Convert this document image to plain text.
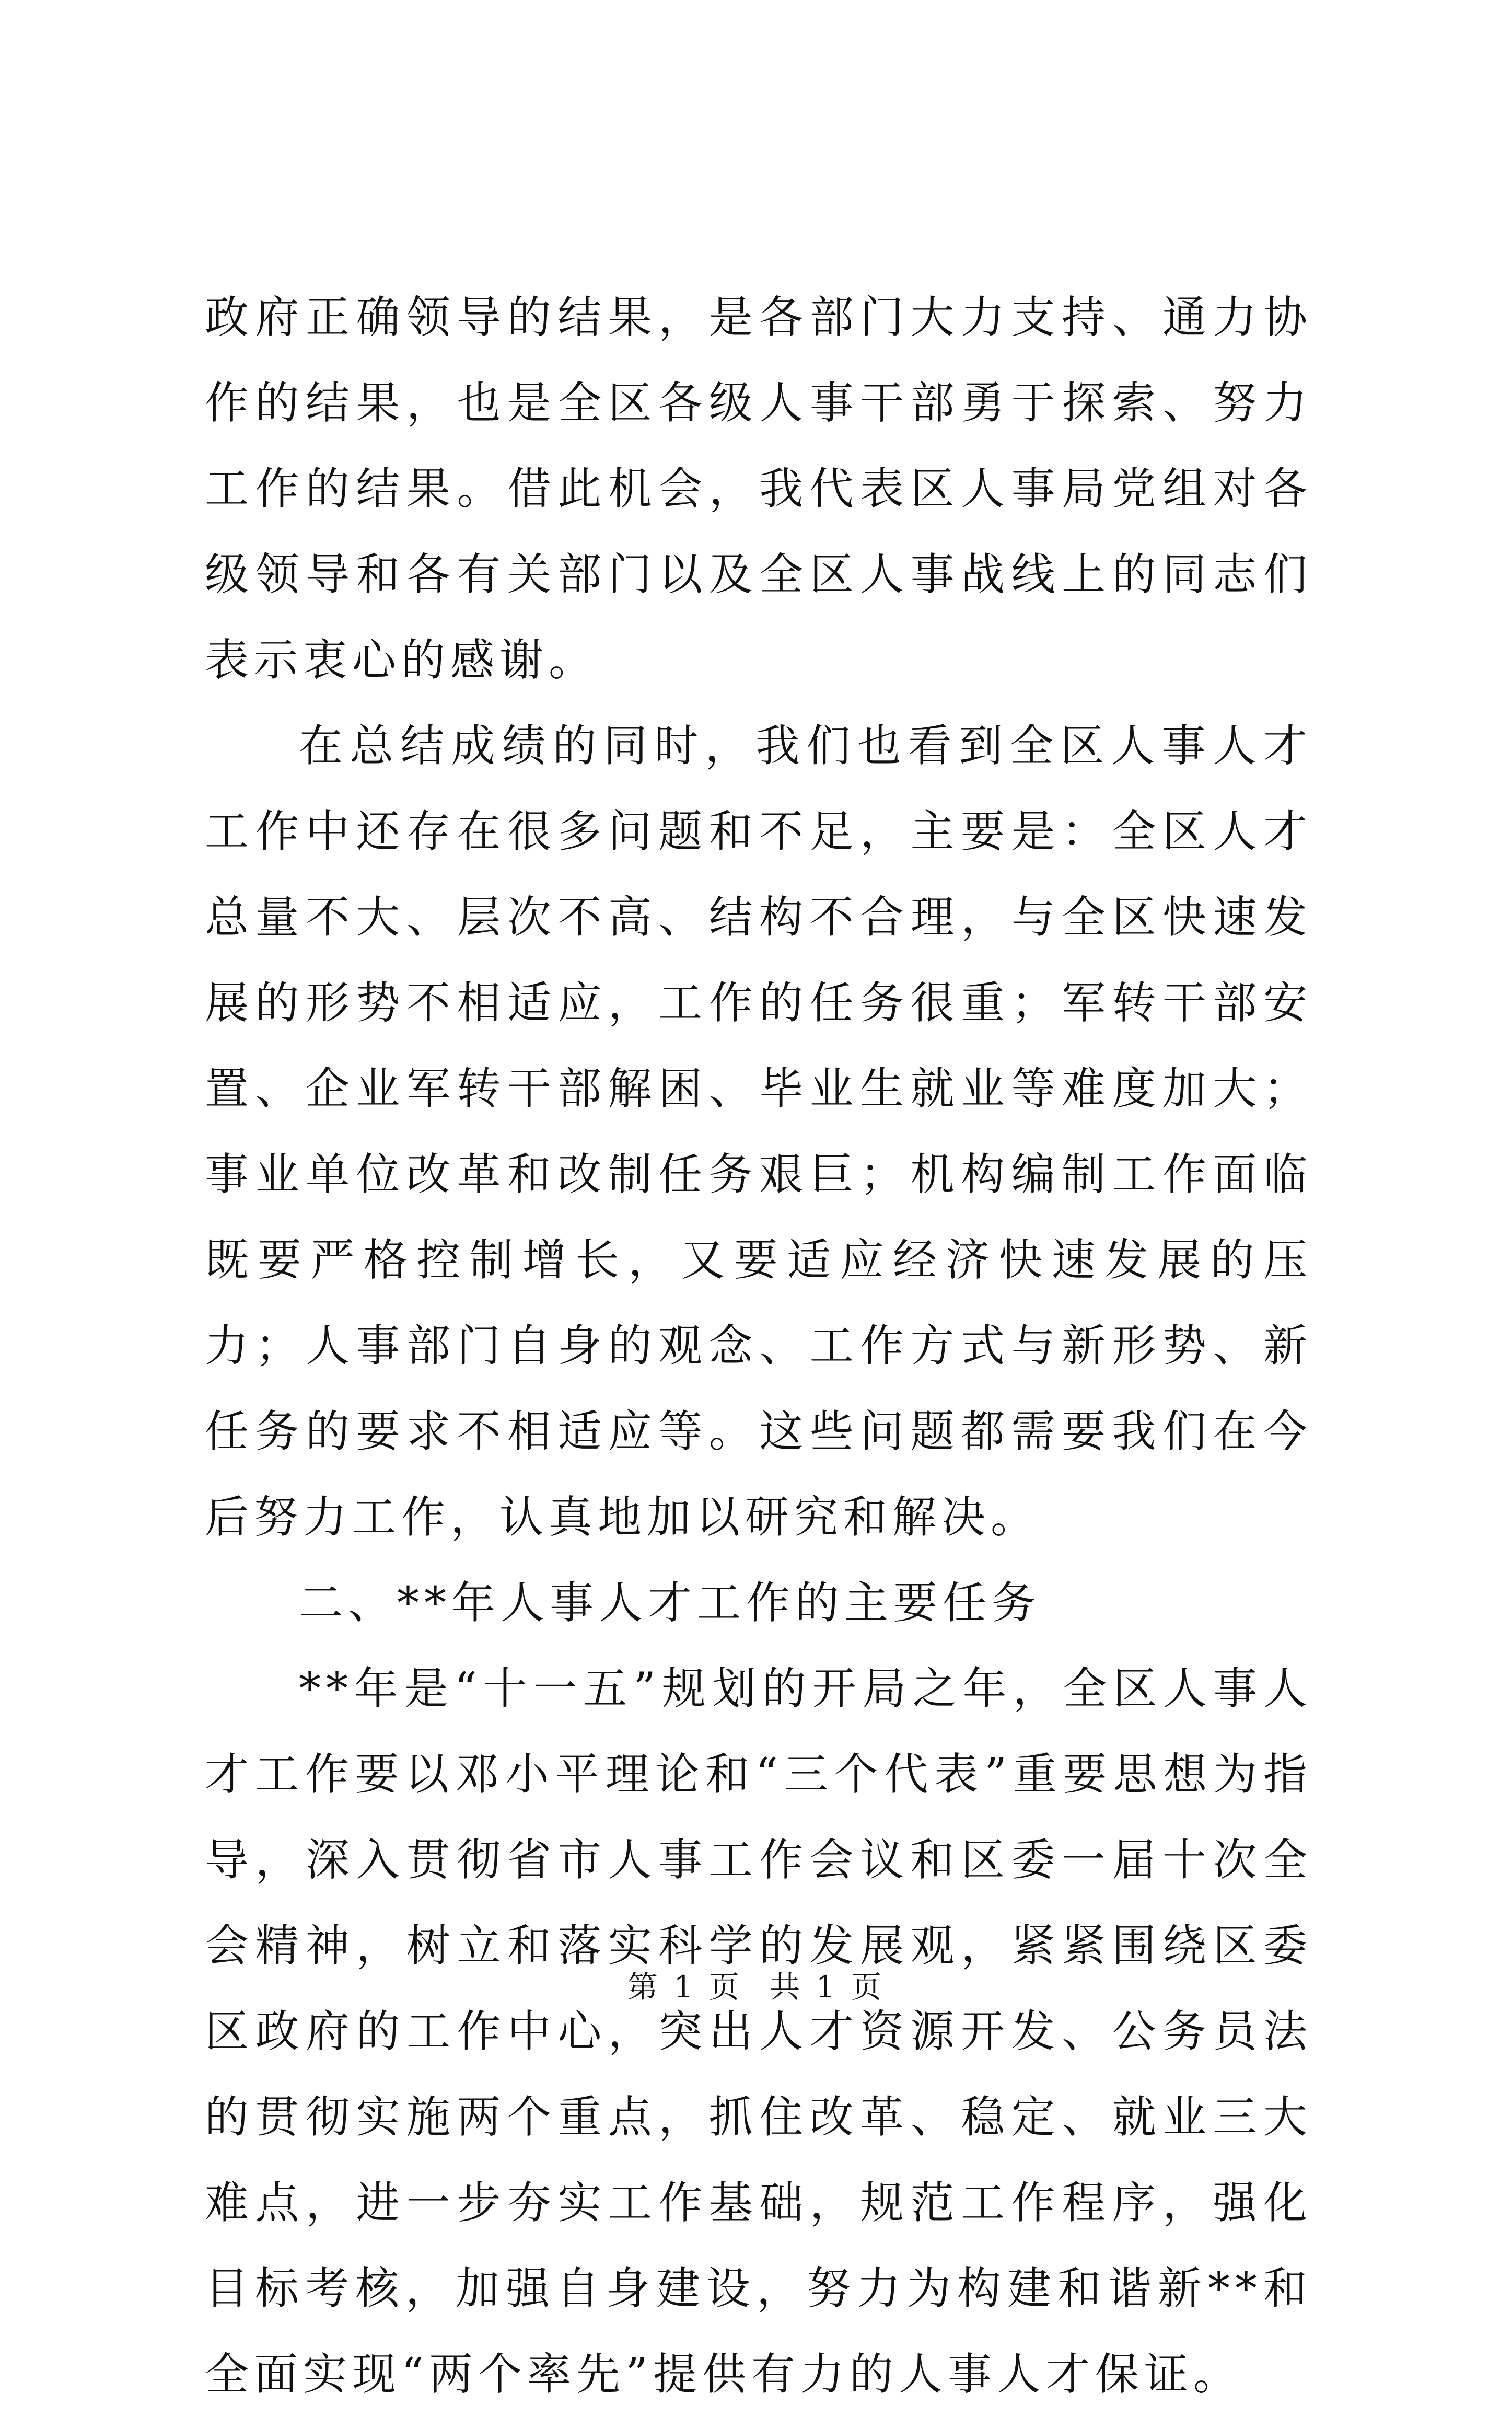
政府正确领导的结果，是各部门大力支持、通力协作的结果，也是全区各级人事干部勇于探索、努力工作的结果。借此机会，我代表区人事局党组对各级领导和各有关部门以及全区人事战线上的同志们表示衷心的感谢。

在总结成绩的同时，我们也看到全区人事人才工作中还存在很多问题和不足，主要是：全区人才总量不大、层次不高、结构不合理，与全区快速发展的形势不相适应，工作的任务很重；军转干部安置、企业军转干部解困、毕业生就业等难度加大；事业单位改革和改制任务艰巨；机构编制工作面临既要严格控制增长，又要适应经济快速发展的压力；人事部门自身的观念、工作方式与新形势、新任务的要求不相适应等。这些问题都需要我们在今后努力工作，认真地加以研究和解决。

二、**年人事人才工作的主要任务

**年是“十一五”规划的开局之年，全区人事人才工作要以邓小平理论和“三个代表”重要思想为指导，深入贯彻省市人事工作会议和区委一届十次全会精神，树立和落实科学的发展观，紧紧围绕区委区政府的工作中心，突出人才资源开发、公务员法的贯彻实施两个重点，抓住改革、稳定、就业三大难点，进一步夯实工作基础，规范工作程序，强化目标考核，加强自身建设，努力为构建和谐新**和全面实现“两个率先”提供有力的人事人才保证。

第 1 页 共 1 页
